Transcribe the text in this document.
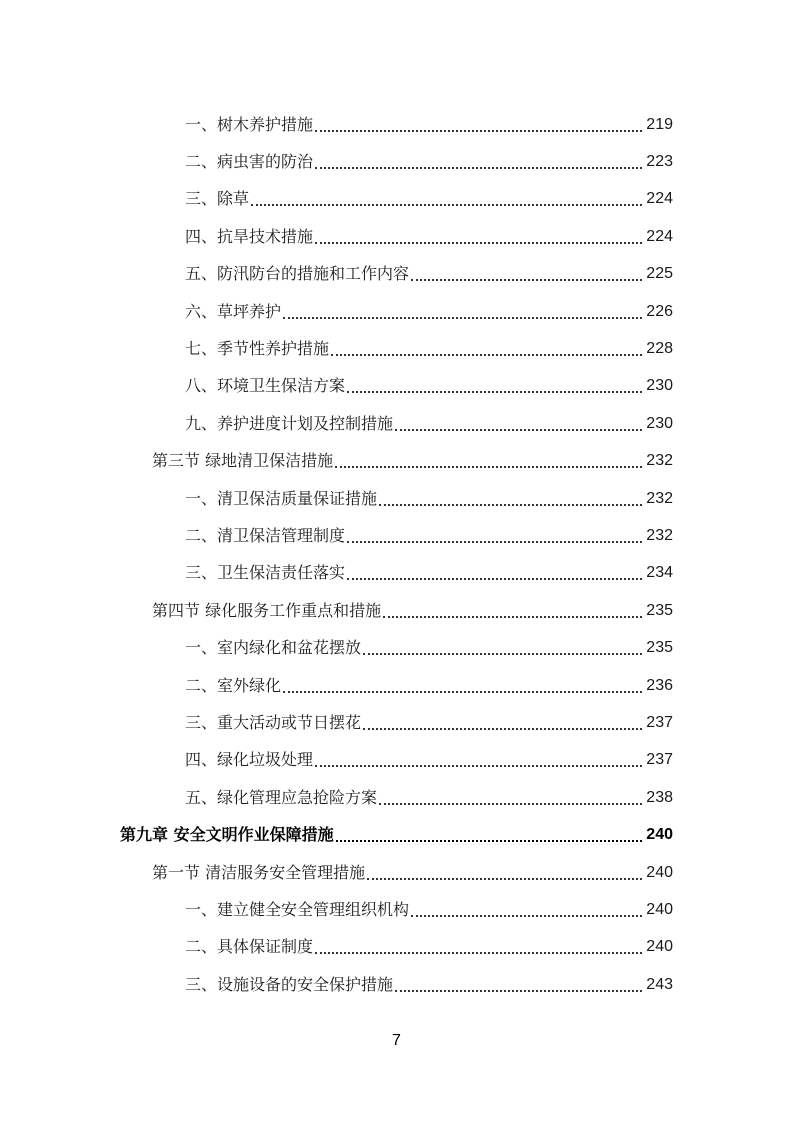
一、树木养护措施	219
二、病虫害的防治	223
三、除草	224
四、抗旱技术措施	224
五、防汛防台的措施和工作内容	225
六、草坪养护	226
七、季节性养护措施	228
八、环境卫生保洁方案	230
九、养护进度计划及控制措施	230
第三节 绿地清卫保洁措施	232
一、清卫保洁质量保证措施	232
二、清卫保洁管理制度	232
三、卫生保洁责任落实	234
第四节 绿化服务工作重点和措施	235
一、室内绿化和盆花摆放	235
二、室外绿化	236
三、重大活动或节日摆花	237
四、绿化垃圾处理	237
五、绿化管理应急抢险方案	238
第九章 安全文明作业保障措施	240
第一节 清洁服务安全管理措施	240
一、建立健全安全管理组织机构	240
二、具体保证制度	240
三、设施设备的安全保护措施	243
7
